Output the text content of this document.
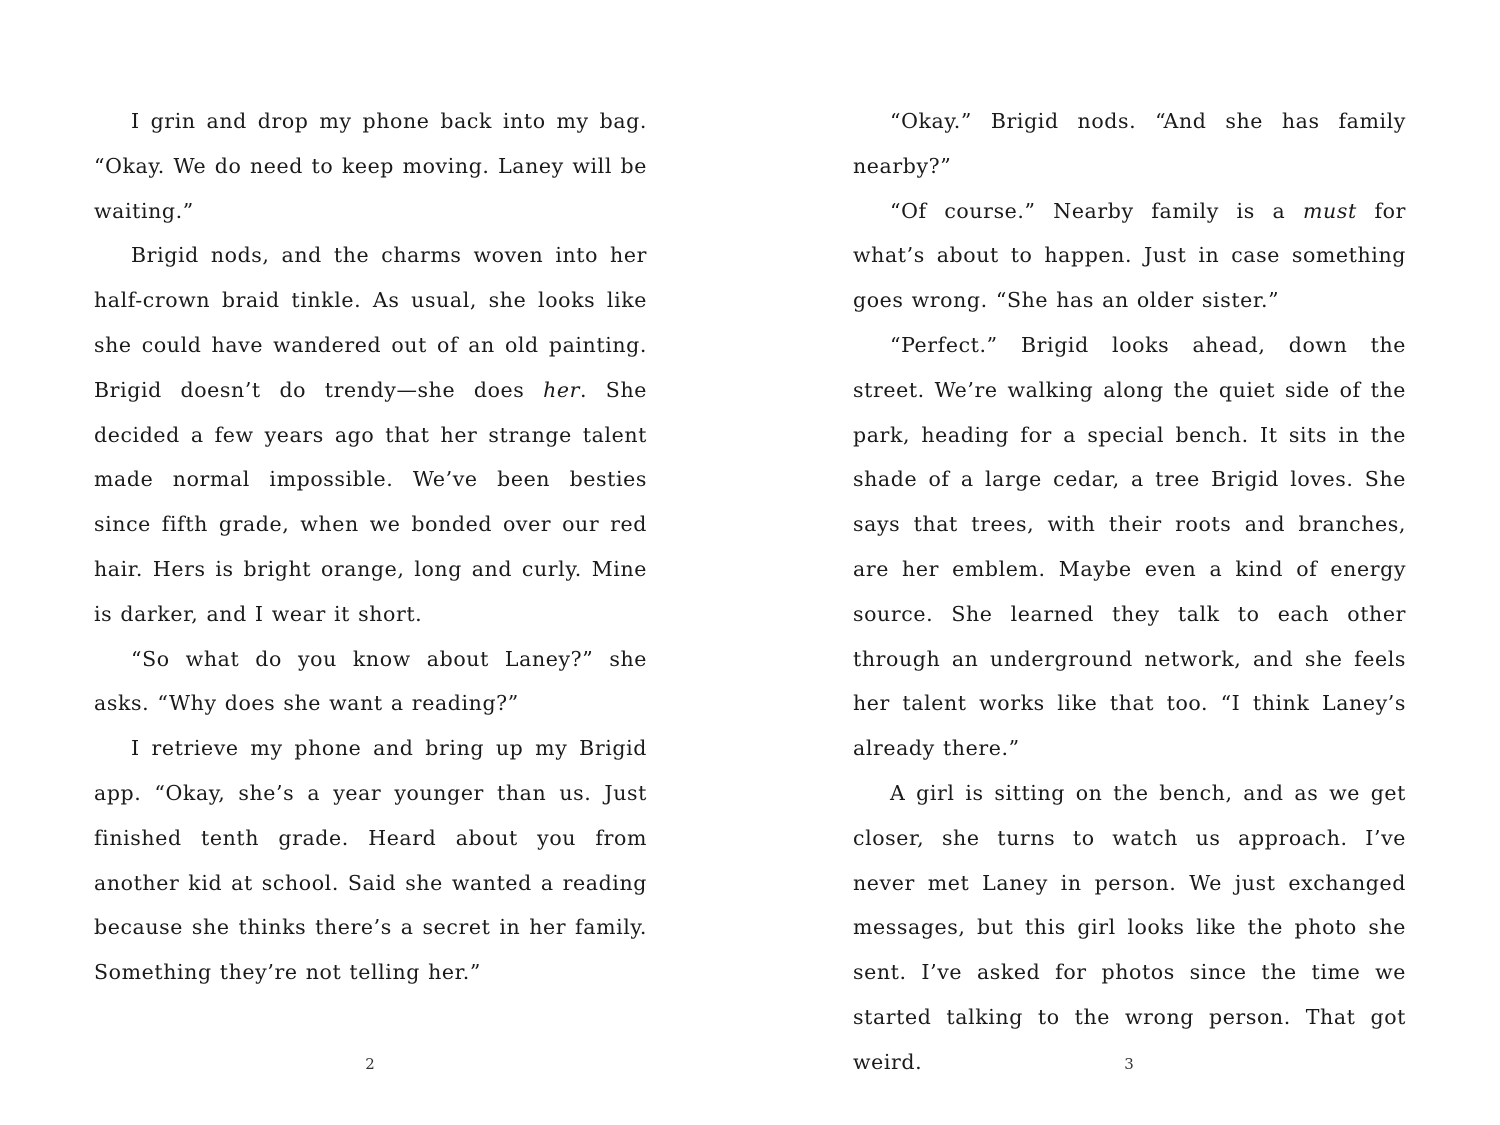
I grin and drop my phone back into my bag. “Okay. We do need to keep moving. Laney will be waiting.”

Brigid nods, and the charms woven into her half-crown braid tinkle. As usual, she looks like she could have wandered out of an old painting. Brigid doesn’t do trendy—she does her. She decided a few years ago that her strange talent made normal impossible. We’ve been besties since fifth grade, when we bonded over our red hair. Hers is bright orange, long and curly. Mine is darker, and I wear it short.

“So what do you know about Laney?” she asks. “Why does she want a reading?”

I retrieve my phone and bring up my Brigid app. “Okay, she’s a year younger than us. Just finished tenth grade. Heard about you from another kid at school. Said she wanted a reading because she thinks there’s a secret in her family. Something they’re not telling her.”

2

“Okay.” Brigid nods. “And she has family nearby?”

“Of course.” Nearby family is a must for what’s about to happen. Just in case something goes wrong. “She has an older sister.”

“Perfect.” Brigid looks ahead, down the street. We’re walking along the quiet side of the park, heading for a special bench. It sits in the shade of a large cedar, a tree Brigid loves. She says that trees, with their roots and branches, are her emblem. Maybe even a kind of energy source. She learned they talk to each other through an underground network, and she feels her talent works like that too. “I think Laney’s already there.”

A girl is sitting on the bench, and as we get closer, she turns to watch us approach. I’ve never met Laney in person. We just exchanged messages, but this girl looks like the photo she sent. I’ve asked for photos since the time we started talking to the wrong person. That got weird.	3
